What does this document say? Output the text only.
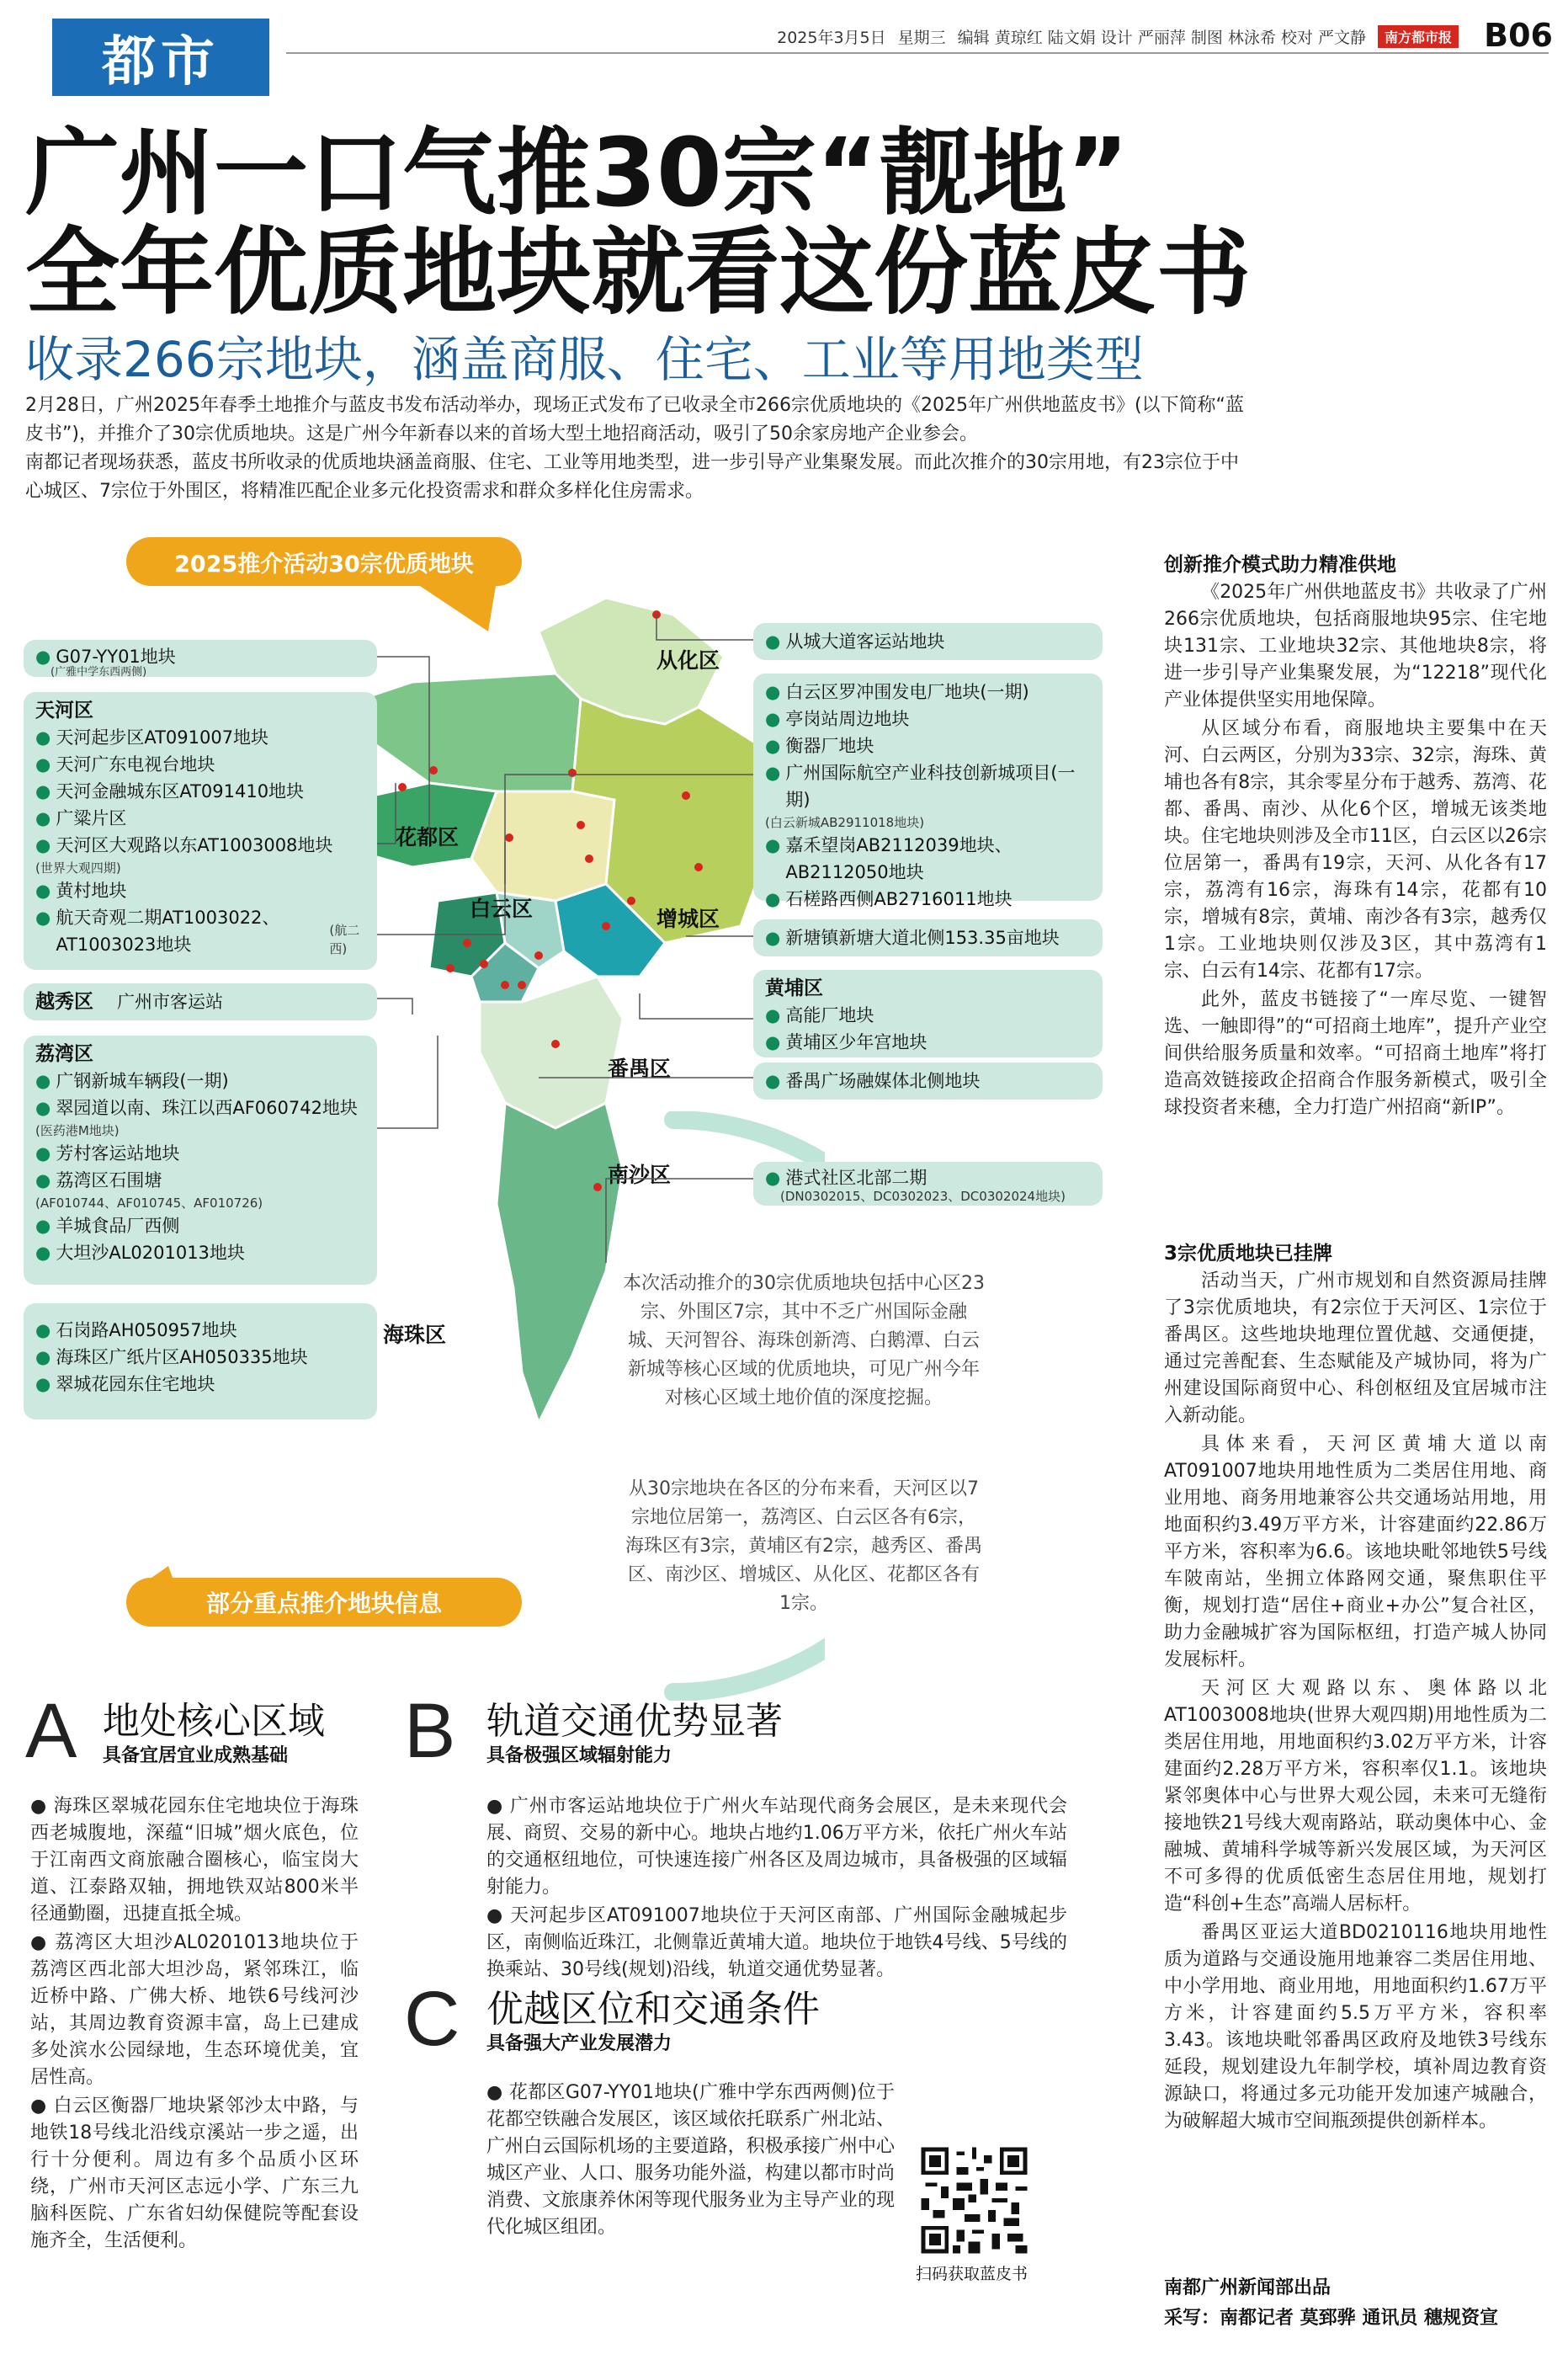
都市	2025年3月5日 星期三 编辑 黄琼红 陆文娟 设计 严丽萍 制图 林泳希 校对 严文静	南方都市报 B06
广州一口气推30宗“靓地”
全年优质地块就看这份蓝皮书
收录266宗地块，涵盖商服、住宅、工业等用地类型
2月28日，广州2025年春季土地推介与蓝皮书发布活动举办，现场正式发布了已收录全市266宗优质地块的《2025年广州供地蓝皮书》(以下简称“蓝皮书”)，并推介了30宗优质地块。这是广州今年新春以来的首场大型土地招商活动，吸引了50余家房地产企业参会。
南都记者现场获悉，蓝皮书所收录的优质地块涵盖商服、住宅、工业等用地类型，进一步引导产业集聚发展。而此次推介的30宗用地，有23宗位于中心城区、7宗位于外围区，将精准匹配企业多元化投资需求和群众多样化住房需求。
2025推介活动30宗优质地块
从化区
花都区
白云区	增城区
番禺区
南沙区
海珠区
● G07-YY01地块
(广雅中学东西两侧)
天河区
● 天河起步区AT091007地块
● 天河广东电视台地块
● 天河金融城东区AT091410地块
● 广粱片区
● 天河区大观路以东AT1003008地块
(世界大观四期)
● 黄村地块
● 航天奇观二期AT1003022、AT1003023地块
(航二西)
越秀区 广州市客运站
荔湾区
● 广钢新城车辆段(一期)
● 翠园道以南、珠江以西AF060742地块
(医药港M地块)
● 芳村客运站地块
● 荔湾区石围塘
(AF010744、AF010745、AF010726)
● 羊城食品厂西侧
● 大坦沙AL0201013地块
● 石岗路AH050957地块
● 海珠区广纸片区AH050335地块
● 翠城花园东住宅地块
● 从城大道客运站地块
● 白云区罗冲围发电厂地块(一期)
● 亭岗站周边地块
● 衡器厂地块
● 广州国际航空产业科技创新城项目(一期)
(白云新城AB2911018地块)
● 嘉禾望岗AB2112039地块、AB2112050地块
● 石槎路西侧AB2716011地块
● 新塘镇新塘大道北侧153.35亩地块
黄埔区
● 高能厂地块
● 黄埔区少年宫地块
● 番禺广场融媒体北侧地块
● 港式社区北部二期
(DN0302015、DC0302023、DC0302024地块)
本次活动推介的30宗优质地块包括中心区23宗、外围区7宗，其中不乏广州国际金融城、天河智谷、海珠创新湾、白鹅潭、白云新城等核心区域的优质地块，可见广州今年对核心区域土地价值的深度挖掘。
从30宗地块在各区的分布来看，天河区以7宗地位居第一，荔湾区、白云区各有6宗，海珠区有3宗，黄埔区有2宗，越秀区、番禺区、南沙区、增城区、从化区、花都区各有1宗。
部分重点推介地块信息
A 地处核心区域
具备宜居宜业成熟基础

● 海珠区翠城花园东住宅地块位于海珠西老城腹地，深蕴“旧城”烟火底色，位于江南西文商旅融合圈核心，临宝岗大道、江泰路双轴，拥地铁双站800米半径通勤圈，迅捷直抵全城。

● 荔湾区大坦沙AL0201013地块位于荔湾区西北部大坦沙岛，紧邻珠江，临近桥中路、广佛大桥、地铁6号线河沙站，其周边教育资源丰富，岛上已建成多处滨水公园绿地，生态环境优美，宜居性高。

● 白云区衡器厂地块紧邻沙太中路，与地铁18号线北沿线京溪站一步之遥，出行十分便利。周边有多个品质小区环绕，广州市天河区志远小学、广东三九脑科医院、广东省妇幼保健院等配套设施齐全，生活便利。

B 轨道交通优势显著
具备极强区域辐射能力

● 广州市客运站地块位于广州火车站现代商务会展区，是未来现代会展、商贸、交易的新中心。地块占地约1.06万平方米，依托广州火车站的交通枢纽地位，可快速连接广州各区及周边城市，具备极强的区域辐射能力。

● 天河起步区AT091007地块位于天河区南部、广州国际金融城起步区，南侧临近珠江，北侧靠近黄埔大道。地块位于地铁4号线、5号线的换乘站、30号线(规划)沿线，轨道交通优势显著。

C 优越区位和交通条件
具备强大产业发展潜力

● 花都区G07-YY01地块(广雅中学东西两侧)位于花都空铁融合发展区，该区域依托联系广州北站、广州白云国际机场的主要道路，积极承接广州中心城区产业、人口、服务功能外溢，构建以都市时尚消费、文旅康养休闲等现代服务业为主导产业的现代化城区组团。

扫码获取蓝皮书
创新推介模式助力精准供地

《2025年广州供地蓝皮书》共收录了广州266宗优质地块，包括商服地块95宗、住宅地块131宗、工业地块32宗、其他地块8宗，将进一步引导产业集聚发展，为“12218”现代化产业体提供坚实用地保障。

从区域分布看，商服地块主要集中在天河、白云两区，分别为33宗、32宗，海珠、黄埔也各有8宗，其余零星分布于越秀、荔湾、花都、番禺、南沙、从化6个区，增城无该类地块。住宅地块则涉及全市11区，白云区以26宗位居第一，番禺有19宗，天河、从化各有17宗，荔湾有16宗，海珠有14宗，花都有10宗，增城有8宗，黄埔、南沙各有3宗，越秀仅1宗。工业地块则仅涉及3区，其中荔湾有1宗、白云有14宗、花都有17宗。

此外，蓝皮书链接了“一库尽览、一键智选、一触即得”的“可招商土地库”，提升产业空间供给服务质量和效率。“可招商土地库”将打造高效链接政企招商合作服务新模式，吸引全球投资者来穗，全力打造广州招商“新IP”。

3宗优质地块已挂牌

活动当天，广州市规划和自然资源局挂牌了3宗优质地块，有2宗位于天河区、1宗位于番禺区。这些地块地理位置优越、交通便捷，通过完善配套、生态赋能及产城协同，将为广州建设国际商贸中心、科创枢纽及宜居城市注入新动能。

具体来看，天河区黄埔大道以南AT091007地块用地性质为二类居住用地、商业用地、商务用地兼容公共交通场站用地，用地面积约3.49万平方米，计容建面约22.86万平方米，容积率为6.6。该地块毗邻地铁5号线车陂南站，坐拥立体路网交通，聚焦职住平衡，规划打造“居住+商业+办公”复合社区，助力金融城扩容为国际枢纽，打造产城人协同发展标杆。

天河区大观路以东、奥体路以北AT1003008地块(世界大观四期)用地性质为二类居住用地，用地面积约3.02万平方米，计容建面约2.28万平方米，容积率仅1.1。该地块紧邻奥体中心与世界大观公园，未来可无缝衔接地铁21号线大观南路站，联动奥体中心、金融城、黄埔科学城等新兴发展区域，为天河区不可多得的优质低密生态居住用地，规划打造“科创+生态”高端人居标杆。

番禺区亚运大道BD0210116地块用地性质为道路与交通设施用地兼容二类居住用地、中小学用地、商业用地，用地面积约1.67万平方米，计容建面约5.5万平方米，容积率3.43。该地块毗邻番禺区政府及地铁3号线东延段，规划建设九年制学校，填补周边教育资源缺口，将通过多元功能开发加速产城融合，为破解超大城市空间瓶颈提供创新样本。

南都广州新闻部出品
采写：南都记者 莫郅骅 通讯员 穗规资宣
